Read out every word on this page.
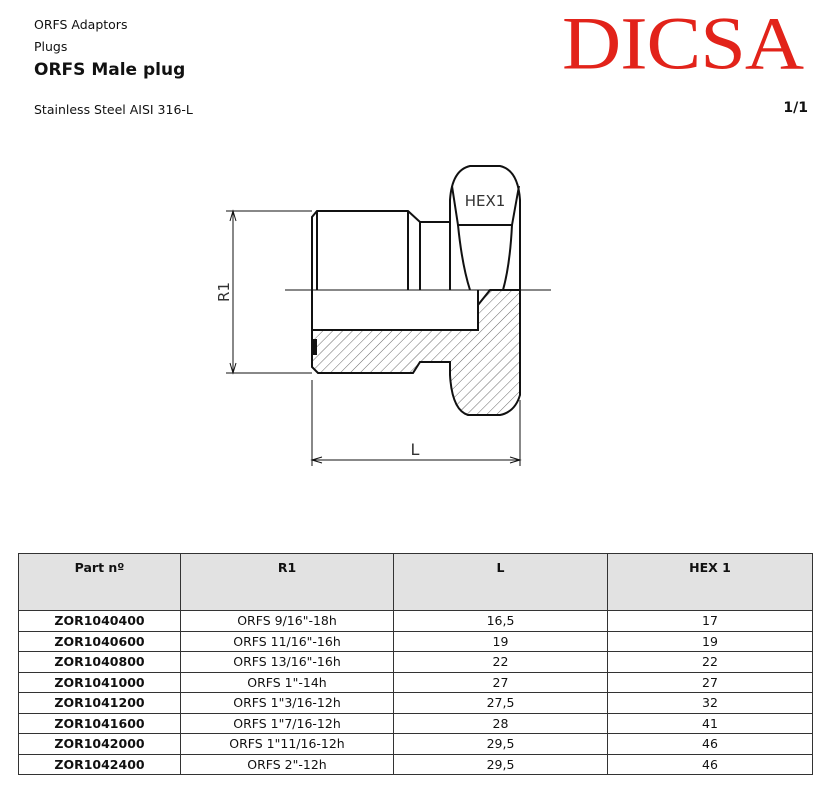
ORFS Adaptors
Plugs
ORFS Male plug
Stainless Steel AISI 316-L	1/1
DICSA
HEX1
R1
L
Part nº	R1	L	HEX 1
ZOR1040400	ORFS 9/16"-18h	16,5	17
ZOR1040600	ORFS 11/16"-16h	19	19
ZOR1040800	ORFS 13/16"-16h	22	22
ZOR1041000	ORFS 1"-14h	27	27
ZOR1041200	ORFS 1"3/16-12h	27,5	32
ZOR1041600	ORFS 1"7/16-12h	28	41
ZOR1042000	ORFS 1"11/16-12h	29,5	46
ZOR1042400	ORFS 2"-12h	29,5	46
